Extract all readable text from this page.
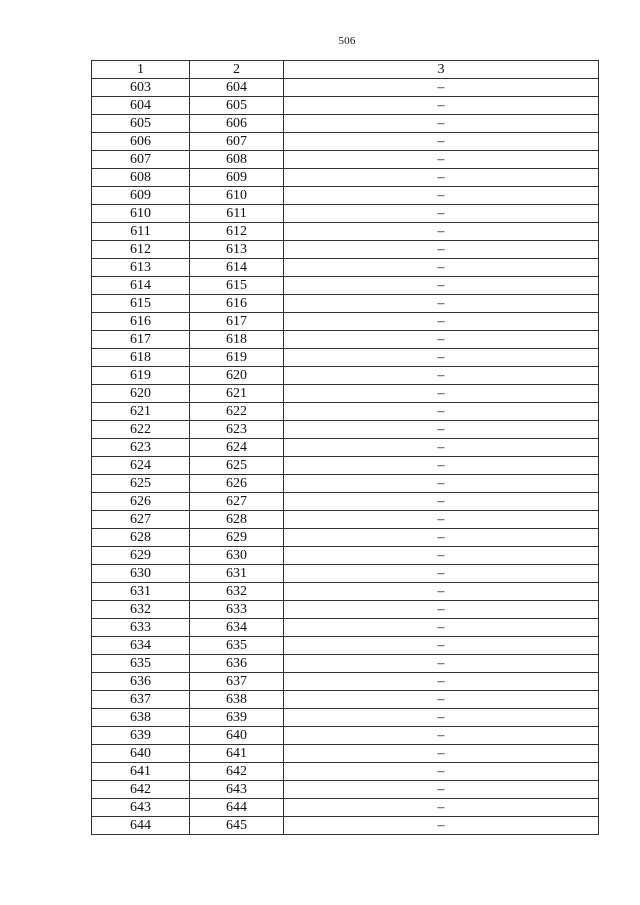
506
1	2	3
603	604	–
604	605	–
605	606	–
606	607	–
607	608	–
608	609	–
609	610	–
610	611	–
611	612	–
612	613	–
613	614	–
614	615	–
615	616	–
616	617	–
617	618	–
618	619	–
619	620	–
620	621	–
621	622	–
622	623	–
623	624	–
624	625	–
625	626	–
626	627	–
627	628	–
628	629	–
629	630	–
630	631	–
631	632	–
632	633	–
633	634	–
634	635	–
635	636	–
636	637	–
637	638	–
638	639	–
639	640	–
640	641	–
641	642	–
642	643	–
643	644	–
644	645	–
